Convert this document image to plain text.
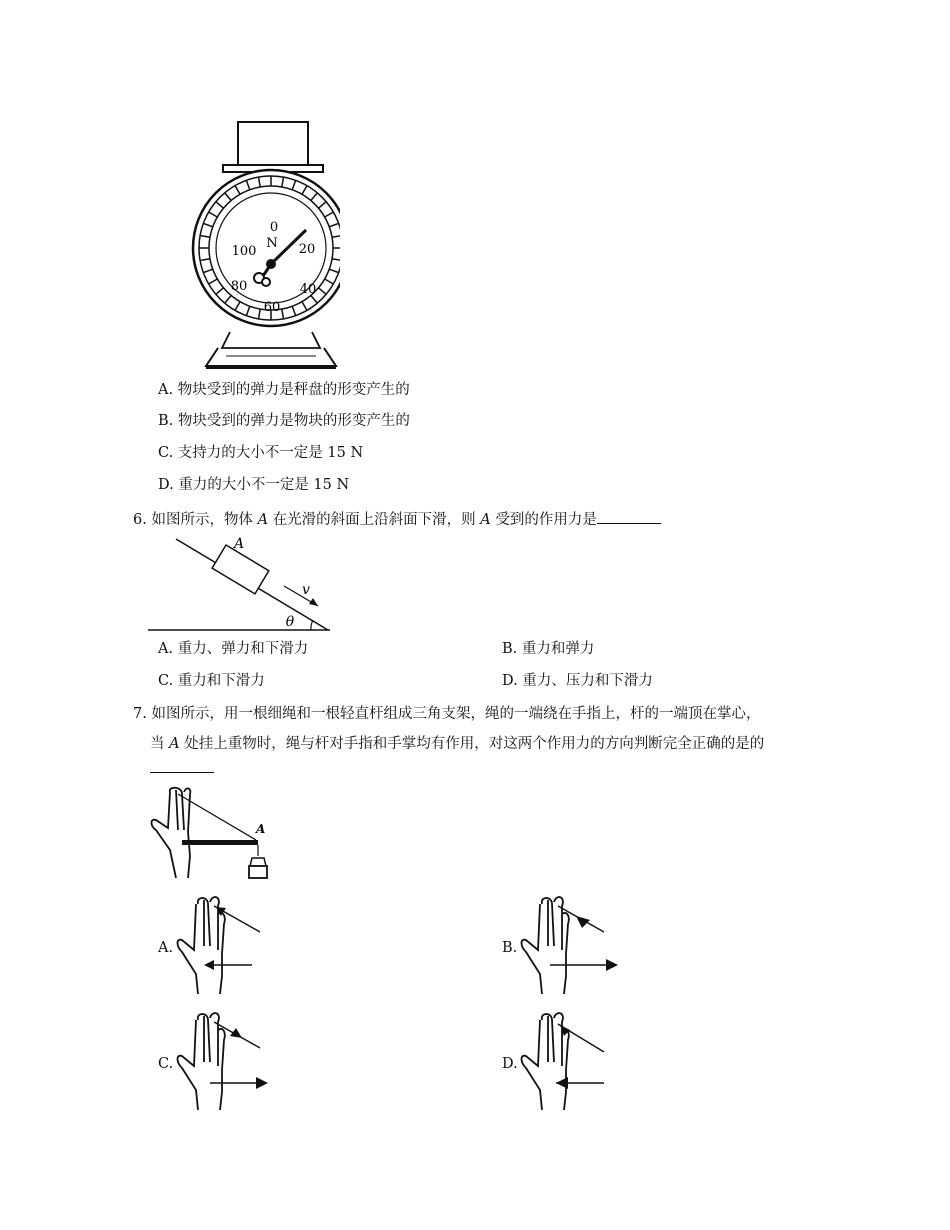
0
N 20
40
60
80
100
A. 物块受到的弹力是秤盘的形变产生的
B. 物块受到的弹力是物块的形变产生的
C. 支持力的大小不一定是 15 N
D. 重力的大小不一定是 15 N
6. 如图所示，物体 A 在光滑的斜面上沿斜面下滑，则 A 受到的作用力是
A
v
θ
A. 重力、弹力和下滑力	B. 重力和弹力
C. 重力和下滑力	D. 重力、压力和下滑力
7. 如图所示，用一根细绳和一根轻直杆组成三角支架，绳的一端绕在手指上，杆的一端顶在掌心，
当 A 处挂上重物时，绳与杆对手指和手掌均有作用，对这两个作用力的方向判断完全正确的是的
A
A.	B.
C.	D.
